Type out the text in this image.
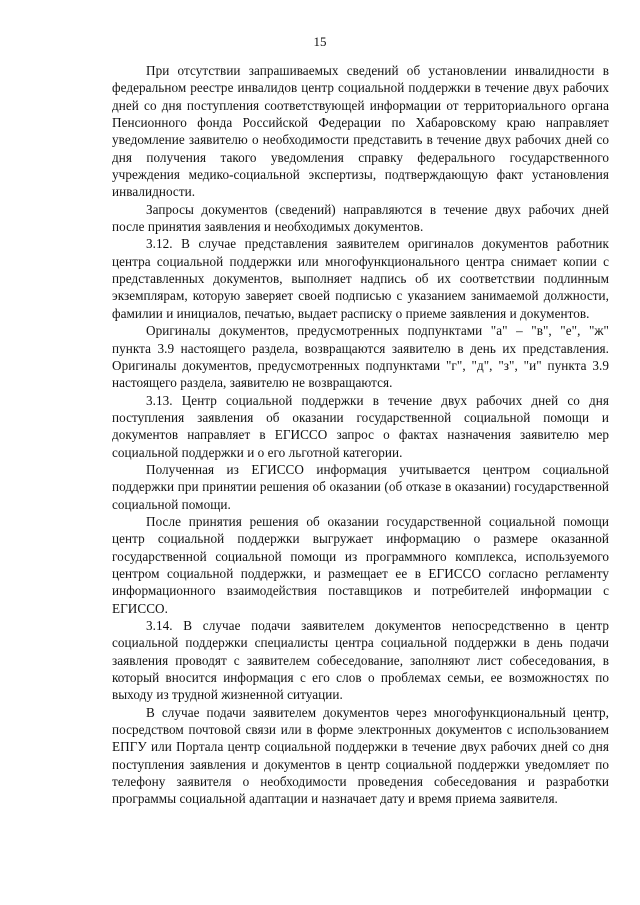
15

При отсутствии запрашиваемых сведений об установлении инвалидности в федеральном реестре инвалидов центр социальной поддержки в течение двух рабочих дней со дня поступления соответствующей информации от территориального органа Пенсионного фонда Российской Федерации по Хабаровскому краю направляет уведомление заявителю о необходимости представить в течение двух рабочих дней со дня получения такого уведомления справку федерального государственного учреждения медико-социальной экспертизы, подтверждающую факт установления инвалидности.

Запросы документов (сведений) направляются в течение двух рабочих дней после принятия заявления и необходимых документов.

3.12. В случае представления заявителем оригиналов документов работник центра социальной поддержки или многофункционального центра снимает копии с представленных документов, выполняет надпись об их соответствии подлинным экземплярам, которую заверяет своей подписью с указанием занимаемой должности, фамилии и инициалов, печатью, выдает расписку о приеме заявления и документов.

Оригиналы документов, предусмотренных подпунктами "а" – "в", "е", "ж" пункта 3.9 настоящего раздела, возвращаются заявителю в день их представления. Оригиналы документов, предусмотренных подпунктами "г", "д", "з", "и" пункта 3.9 настоящего раздела, заявителю не возвращаются.

3.13. Центр социальной поддержки в течение двух рабочих дней со дня поступления заявления об оказании государственной социальной помощи и документов направляет в ЕГИССО запрос о фактах назначения заявителю мер социальной поддержки и о его льготной категории.

Полученная из ЕГИССО информация учитывается центром социальной поддержки при принятии решения об оказании (об отказе в оказании) государственной социальной помощи.

После принятия решения об оказании государственной социальной помощи центр социальной поддержки выгружает информацию о размере оказанной государственной социальной помощи из программного комплекса, используемого центром социальной поддержки, и размещает ее в ЕГИССО согласно регламенту информационного взаимодействия поставщиков и потребителей информации с ЕГИССО.

3.14. В случае подачи заявителем документов непосредственно в центр социальной поддержки специалисты центра социальной поддержки в день подачи заявления проводят с заявителем собеседование, заполняют лист собеседования, в который вносится информация с его слов о проблемах семьи, ее возможностях по выходу из трудной жизненной ситуации.

В случае подачи заявителем документов через многофункциональный центр, посредством почтовой связи или в форме электронных документов с использованием ЕПГУ или Портала центр социальной поддержки в течение двух рабочих дней со дня поступления заявления и документов в центр социальной поддержки уведомляет по телефону заявителя о необходимости проведения собеседования и разработки программы социальной адаптации и назначает дату и время приема заявителя.
